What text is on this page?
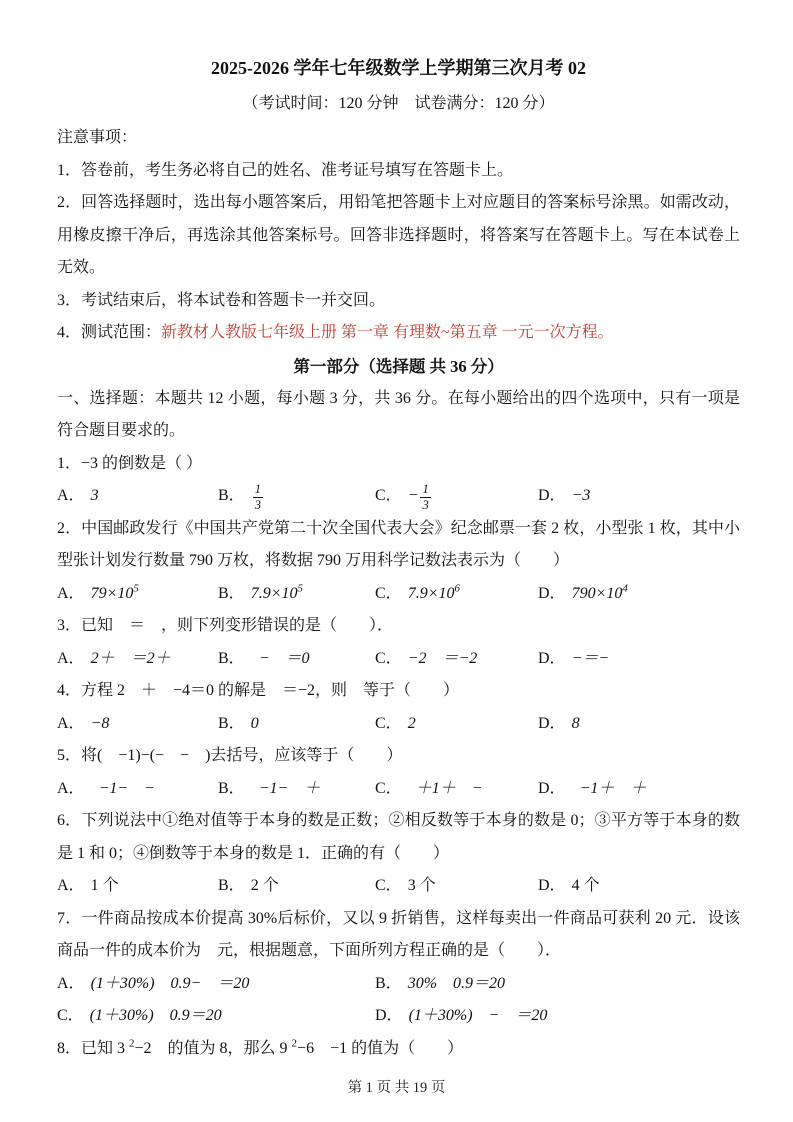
2025-2026 学年七年级数学上学期第三次月考 02
（考试时间：120 分钟　试卷满分：120 分）
注意事项：
1．答卷前，考生务必将自己的姓名、准考证号填写在答题卡上。
2．回答选择题时，选出每小题答案后，用铅笔把答题卡上对应题目的答案标号涂黑。如需改动，用橡皮擦干净后，再选涂其他答案标号。回答非选择题时，将答案写在答题卡上。写在本试卷上无效。
3．考试结束后，将本试卷和答题卡一并交回。
4．测试范围：新教材人教版七年级上册 第一章 有理数~第五章 一元一次方程。
第一部分（选择题 共 36 分）
一、选择题：本题共 12 小题，每小题 3 分，共 36 分。在每小题给出的四个选项中，只有一项是符合题目要求的。
1．−3 的倒数是（ ）
A． 3	B． $\frac{1}{3}$	C． − $\frac{1}{3}$	D． −3
2．中国邮政发行《中国共产党第二十次全国代表大会》纪念邮票一套 2 枚，小型张 1 枚，其中小型张计划发行数量 790 万枚，将数据 790 万用科学记数法表示为（　　）
A． $79\times 10^5$	B． $7.9\times 10^5$	C． $7.9\times 10^6$	D． $790\times 10^4$
3．已知　＝　，则下列变形错误的是（　　）．
A． 2＋　＝2＋	B．　−　＝0	C． −2　＝−2	D． −＝−
4．方程 2　＋　−4＝0 的解是　＝−2，则　等于（　　）
A． −8	B． 0	C． 2	D． 8
5．将(　−1)−(−　−　)去括号，应该等于（　　）
A．　−1−　−	B．　−1−　＋	C．　＋1＋　−	D．　−1＋　＋
6．下列说法中①绝对值等于本身的数是正数；②相反数等于本身的数是 0；③平方等于本身的数是 1 和 0；④倒数等于本身的数是 1．正确的有（　　）
A． 1 个	B． 2 个	C． 3 个	D． 4 个
7．一件商品按成本价提高 30%后标价，又以 9 折销售，这样每卖出一件商品可获利 20 元．设该商品一件的成本价为　元，根据题意，下面所列方程正确的是（　　）．
A． (1＋30%)　0.9−　＝20	B． 30%　0.9＝20
C． (1＋30%)　0.9＝20	D． (1＋30%)　−　＝20
8．已知 3 $^2$−2　的值为 8，那么 9 $^2$−6　−1 的值为（　　）
第 1 页 共 19 页
